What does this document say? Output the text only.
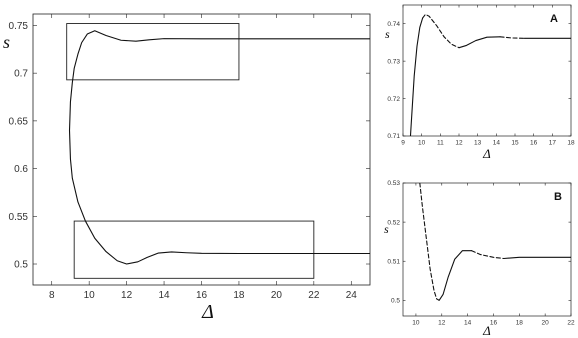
8	10	12	14	16	18	20	22	24
0.5
0.55
0.6
0.65
0.7
0.75
s
Δ
9 10 11 12 13 14 15 16 17 18
0.71
0.72
0.73
0.74	A
s
Δ
10	12	14	16	18	20	22
0.5
0.51
0.52
0.53
B
s
Δ
